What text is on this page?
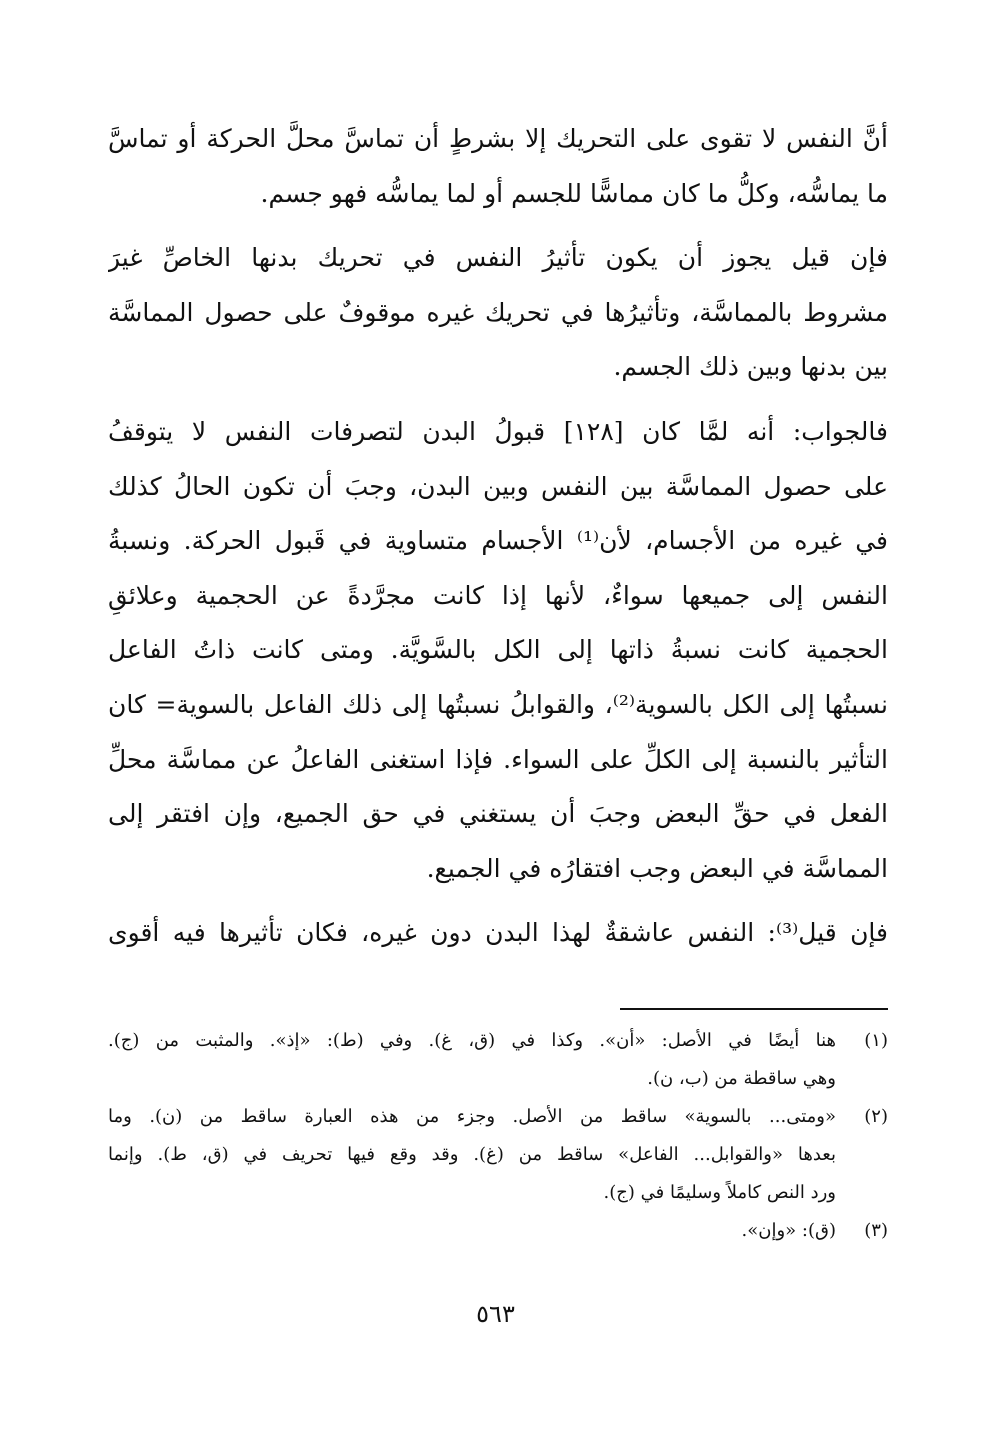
أنَّ النفس لا تقوى على التحريك إلا بشرطٍ أن تماسَّ محلَّ الحركة أو تماسَّ
ما يماسُّه، وكلُّ ما كان مماسًّا للجسم أو لما يماسُّه فهو جسم.
فإن قيل يجوز أن يكون تأثيرُ النفس في تحريك بدنها الخاصِّ غيرَ
مشروط بالمماسَّة، وتأثيرُها في تحريك غيره موقوفٌ على حصول المماسَّة
بين بدنها وبين ذلك الجسم.
فالجواب: أنه لمَّا كان [١٢٨] قبولُ البدن لتصرفات النفس لا يتوقفُ
على حصول المماسَّة بين النفس وبين البدن، وجبَ أن تكون الحالُ كذلك
في غيره من الأجسام، لأن⁽¹⁾ الأجسام متساوية في قَبول الحركة. ونسبةُ
النفس إلى جميعها سواءٌ، لأنها إذا كانت مجرَّدةً عن الحجمية وعلائقِ
الحجمية كانت نسبةُ ذاتها إلى الكل بالسَّويَّة. ومتى كانت ذاتُ الفاعل
نسبتُها إلى الكل بالسوية⁽²⁾، والقوابلُ نسبتُها إلى ذلك الفاعل بالسوية= كان
التأثير بالنسبة إلى الكلِّ على السواء. فإذا استغنى الفاعلُ عن مماسَّة محلِّ
الفعل في حقِّ البعض وجبَ أن يستغني في حق الجميع، وإن افتقر إلى
المماسَّة في البعض وجب افتقارُه في الجميع.
فإن قيل⁽³⁾: النفس عاشقةٌ لهذا البدن دون غيره، فكان تأثيرها فيه أقوى
(١)هنا أيضًا في الأصل: «أن». وكذا في (ق، غ). وفي (ط): «إذ». والمثبت من (ج).
وهي ساقطة من (ب، ن).
(٢)«ومتى... بالسوية» ساقط من الأصل. وجزء من هذه العبارة ساقط من (ن). وما
بعدها «والقوابل... الفاعل» ساقط من (غ). وقد وقع فيها تحريف في (ق، ط). وإنما
ورد النص كاملاً وسليمًا في (ج).
(٣)(ق): «وإن».
٥٦٣
